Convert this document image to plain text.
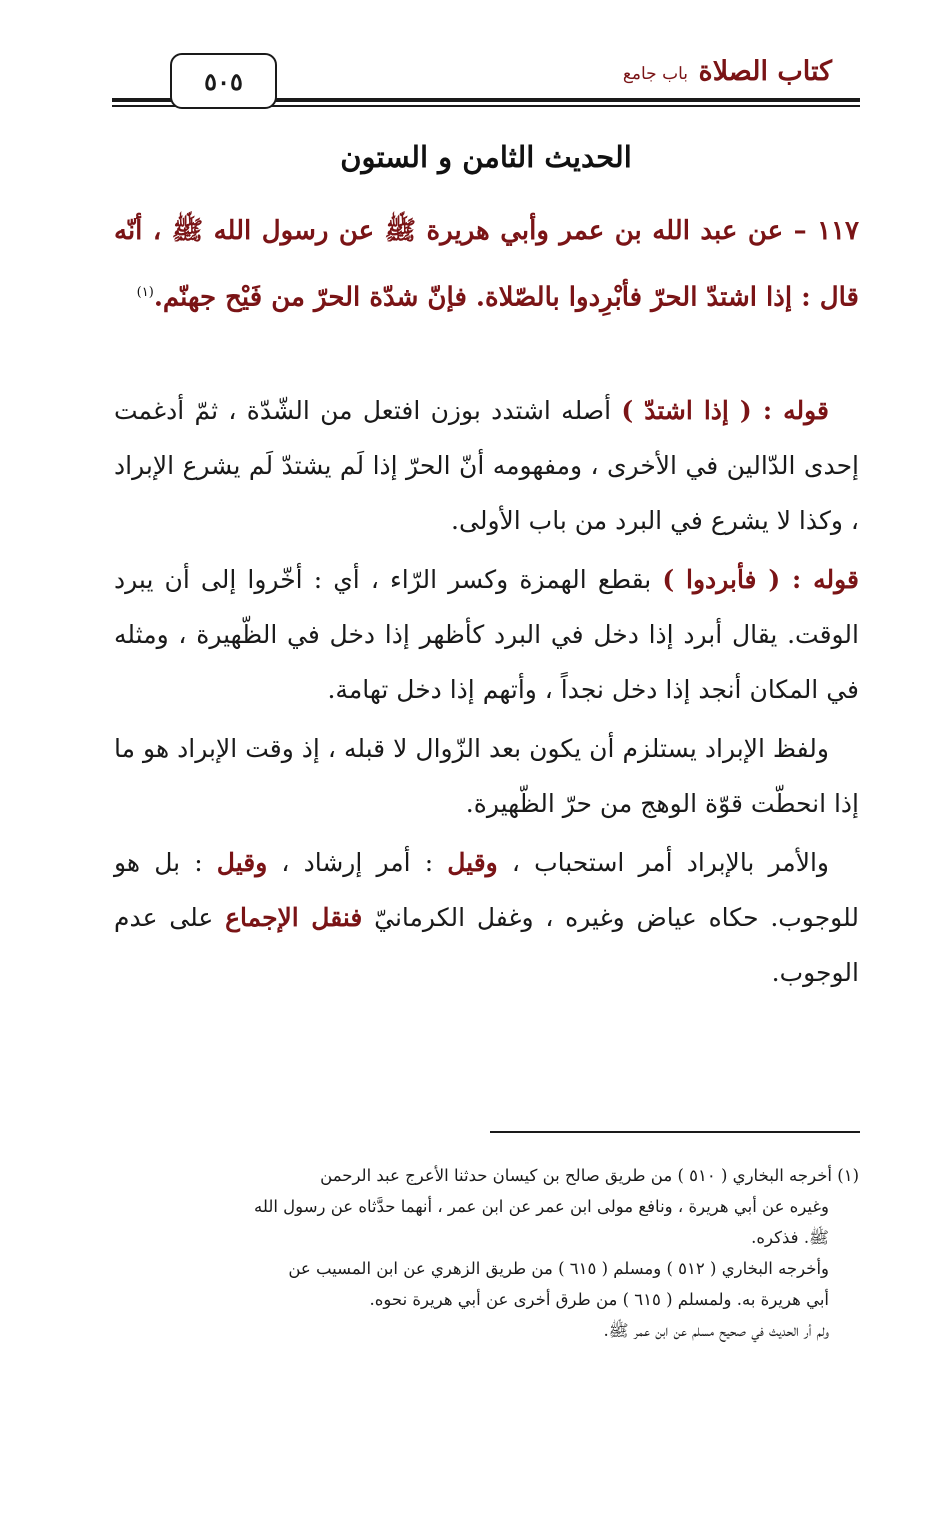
كتاب الصلاة
باب جامع
٥٠٥
الحديث الثامن و الستون
١١٧ – عن عبد الله بن عمر وأبي هريرة ﷺ عن رسول الله ﷺ ، أنّه قال : إذا اشتدّ الحرّ فأبْرِدوا بالصّلاة. فإنّ شدّة الحرّ من فَيْح جهنّم.$^{(١)}$

قوله : ( إذا اشتدّ ) أصله اشتدد بوزن افتعل من الشّدّة ، ثمّ أدغمت إحدى الدّالين في الأخرى ، ومفهومه أنّ الحرّ إذا لَم يشتدّ لَم يشرع الإبراد ، وكذا لا يشرع في البرد من باب الأولى.

قوله : ( فأبردوا ) بقطع الهمزة وكسر الرّاء ، أي : أخّروا إلى أن يبرد الوقت. يقال أبرد إذا دخل في البرد كأظهر إذا دخل في الظّهيرة ، ومثله في المكان أنجد إذا دخل نجداً ، وأتهم إذا دخل تهامة.

ولفظ الإبراد يستلزم أن يكون بعد الزّوال لا قبله ، إذ وقت الإبراد هو ما إذا انحطّت قوّة الوهج من حرّ الظّهيرة.

والأمر بالإبراد أمر استحباب ، وقيل : أمر إرشاد ، وقيل : بل هو للوجوب. حكاه عياض وغيره ، وغفل الكرمانيّ فنقل الإجماع على عدم الوجوب.

(١) أخرجه البخاري ( ٥١٠ ) من طريق صالح بن كيسان حدثنا الأعرج عبد الرحمن

وغيره عن أبي هريرة ، ونافع مولى ابن عمر عن ابن عمر ، أنهما حدَّثاه عن رسول الله

ﷺ. فذكره.

وأخرجه البخاري ( ٥١٢ ) ومسلم ( ٦١٥ ) من طريق الزهري عن ابن المسيب عن

أبي هريرة به. ولمسلم ( ٦١٥ ) من طرق أخرى عن أبي هريرة نحوه.

ولم أر الحديث في صحيح مسلم عن ابن عمر ﷺ.
